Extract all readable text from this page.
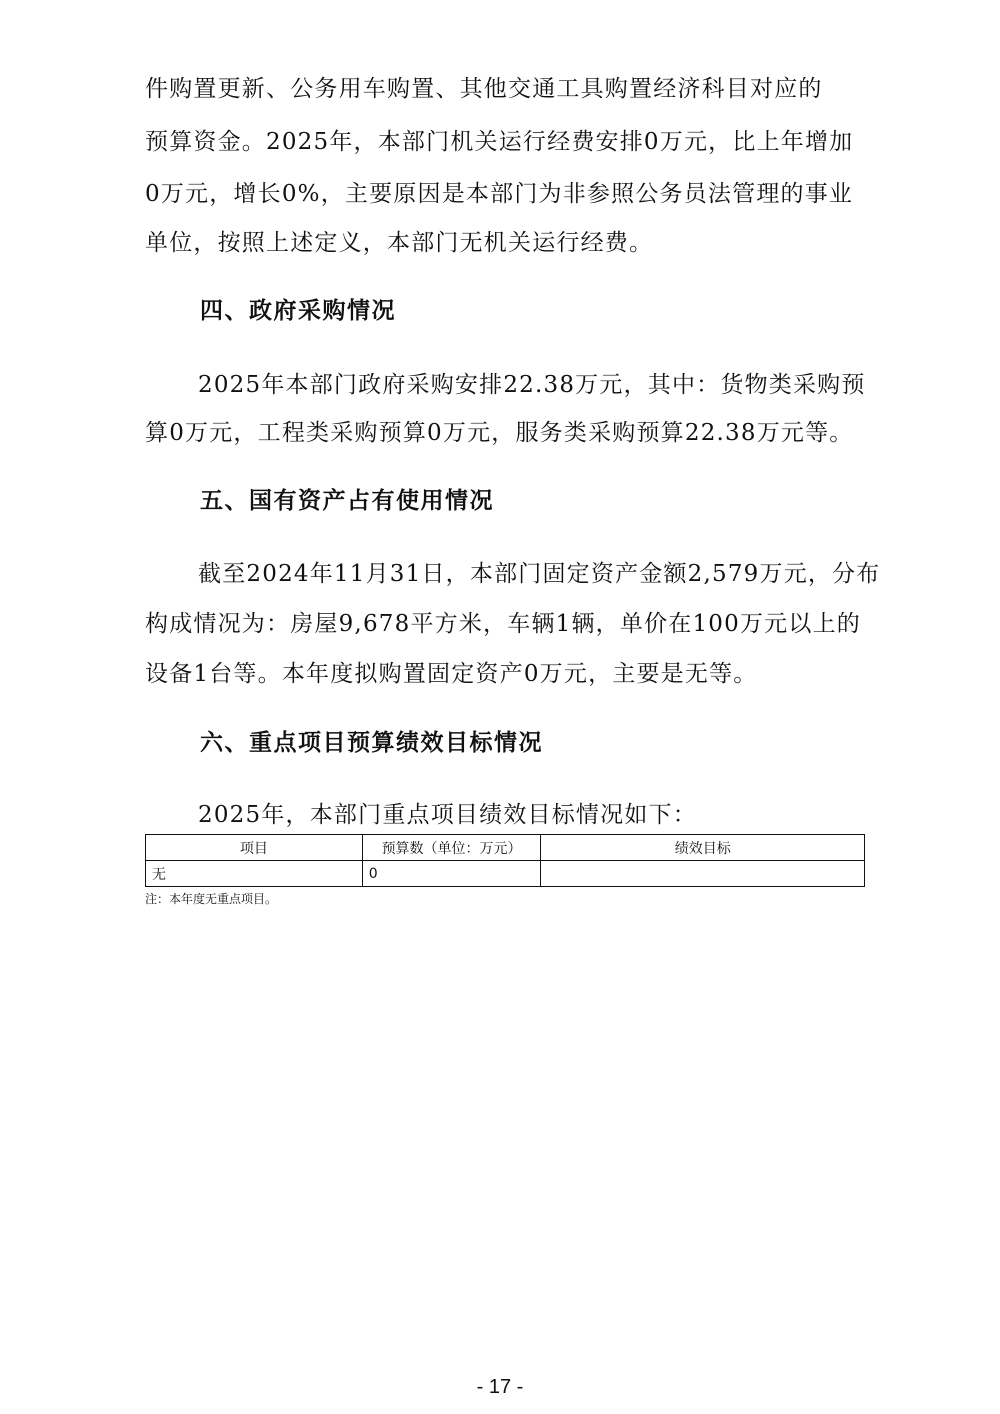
件购置更新、公务用车购置、其他交通工具购置经济科目对应的
预算资金。2025年，本部门机关运行经费安排0万元，比上年增加
0万元，增长0%，主要原因是本部门为非参照公务员法管理的事业
单位，按照上述定义，本部门无机关运行经费。
四、政府采购情况
2025年本部门政府采购安排22.38万元，其中：货物类采购预
算0万元，工程类采购预算0万元，服务类采购预算22.38万元等。
五、国有资产占有使用情况
截至2024年11月31日，本部门固定资产金额2,579万元，分布
构成情况为：房屋9,678平方米，车辆1辆，单价在100万元以上的
设备1台等。本年度拟购置固定资产0万元，主要是无等。
六、重点项目预算绩效目标情况
2025年，本部门重点项目绩效目标情况如下：
项目	预算数（单位：万元）	绩效目标
无	0	
注：本年度无重点项目。
- 17 -
